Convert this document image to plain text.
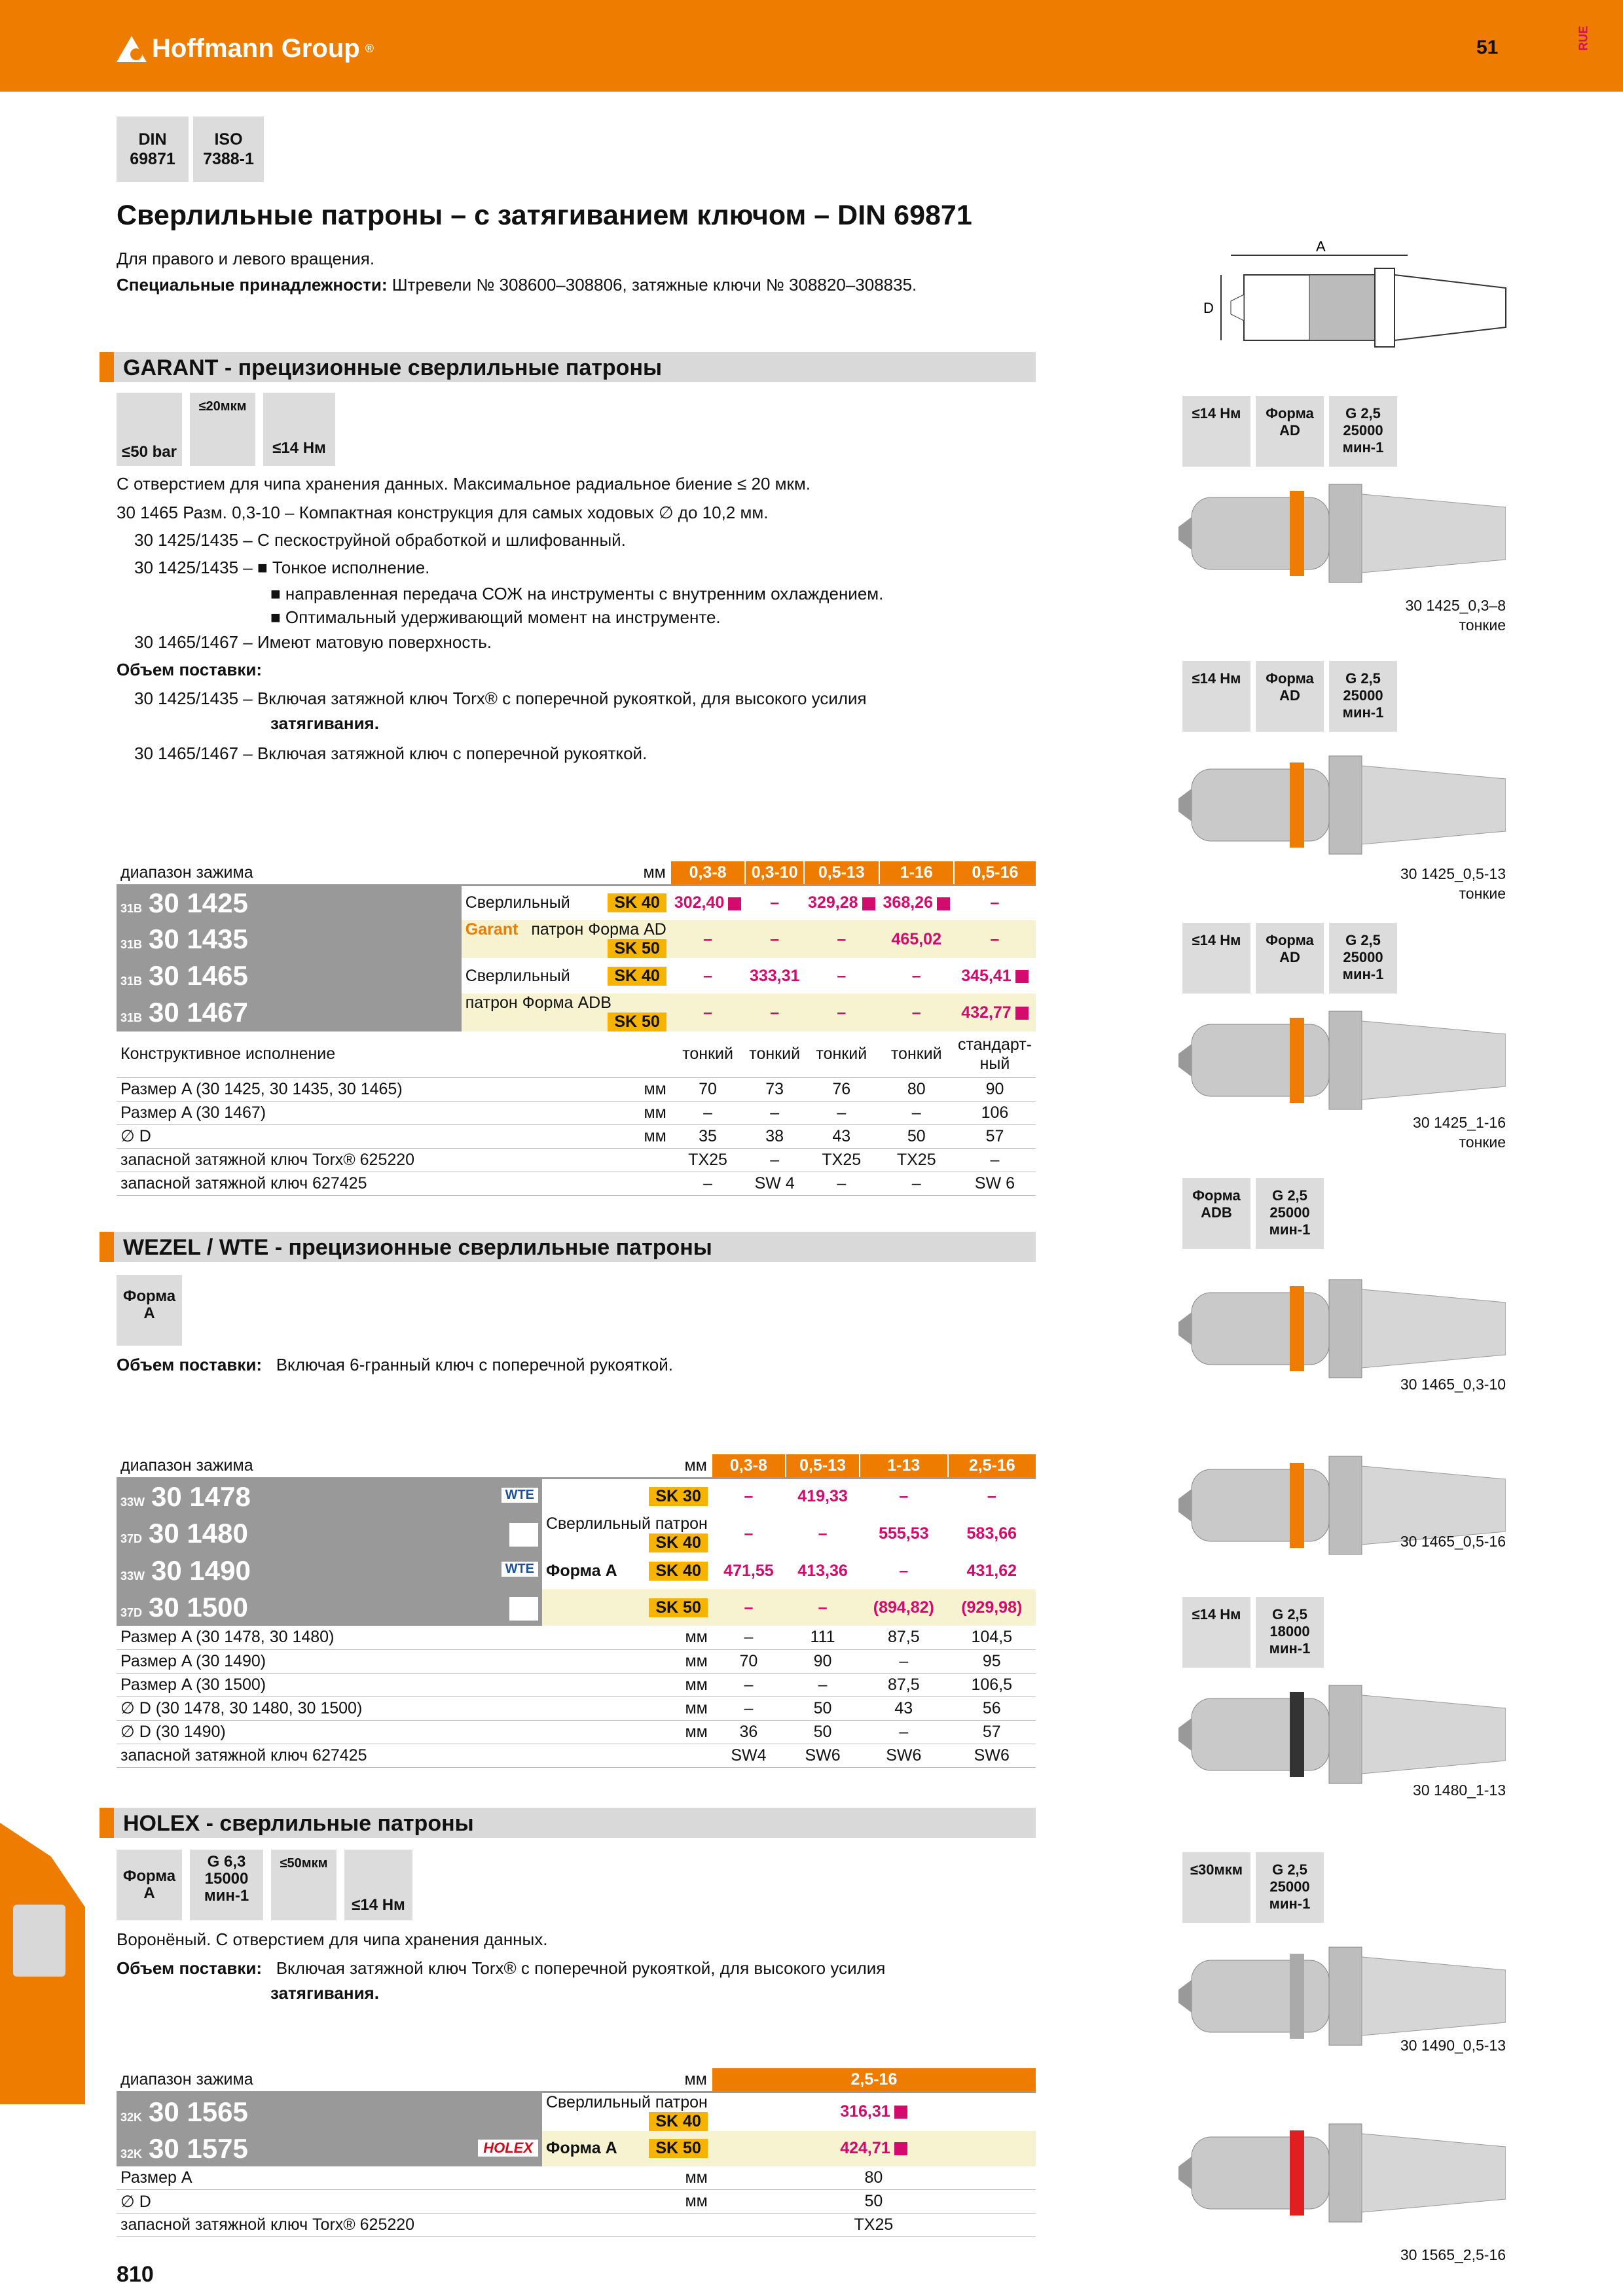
Hoffmann Group ®	51	RUE
DIN 69871
ISO 7388-1
Сверлильные патроны – с затягиванием ключом – DIN 69871
Для правого и левого вращения.
Специальные принадлежности: Штревели № 308600–308806, затяжные ключи № 308820–308835.
A
D
GARANT - прецизионные сверлильные патроны
≤50 bar
≤20мкм
≤14 Нм
С отверстием для чипа хранения данных. Максимальное радиальное биение ≤ 20 мкм.
30 1465 Разм. 0,3-10 – Компактная конструкция для самых ходовых ∅ до 10,2 мм.
30 1425/1435 – С пескоструйной обработкой и шлифованный.
30 1425/1435 – ■ Тонкое исполнение.
■ направленная передача СОЖ на инструменты с внутренним охлаждением.
■ Оптимальный удерживающий момент на инструменте.
30 1465/1467 – Имеют матовую поверхность.
Объем поставки:
30 1425/1435 – Включая затяжной ключ Torx® с поперечной рукояткой, для высокого усилия
затягивания.
30 1465/1467 – Включая затяжной ключ с поперечной рукояткой.
диапазон зажима	мм	0,3-8	0,3-10	0,5-13	1-16	0,5-16
31B 30 1425	Сверлильный SK 40	302,40	–	329,28	368,26	–
31B 30 1435	Garant патрон Форма AD
SK 50	–	–	–	465,02	–
31B 30 1465	Сверлильный SK 40	–	333,31	–	–	345,41
31B 30 1467	патрон Форма ADB
SK 50	–	–	–	–	432,77
Конструктивное исполнение		тонкий	тонкий	тонкий	тонкий	стандарт-ный
Размер A (30 1425, 30 1435, 30 1465)	мм	70	73	76	80	90
Размер A (30 1467)	мм	–	–	–	–	106
∅ D	мм	35	38	43	50	57
запасной затяжной ключ Torx® 625220		TX25	–	TX25	TX25	–
запасной затяжной ключ 627425		–	SW 4	–	–	SW 6
WEZEL / WTE - прецизионные сверлильные патроны
Форма A
Объем поставки: Включая 6-гранный ключ с поперечной рукояткой.
диапазон зажима	мм	0,3-8	0,5-13	1-13	2,5-16
33W 30 1478 WTE	SK 30	–	419,33	–	–
37D 30 1480	Сверлильный патрон
SK 40	–	–	555,53	583,66
33W 30 1490 WTE	Форма A SK 40	471,55	413,36	–	431,62
37D 30 1500	SK 50	–	–	(894,82)	(929,98)
Размер A (30 1478, 30 1480)	мм	–	111	87,5	104,5
Размер A (30 1490)	мм	70	90	–	95
Размер A (30 1500)	мм	–	–	87,5	106,5
∅ D (30 1478, 30 1480, 30 1500)	мм	–	50	43	56
∅ D (30 1490)	мм	36	50	–	57
запасной затяжной ключ 627425		SW4	SW6	SW6	SW6
HOLEX - сверлильные патроны
Форма A
G 6,3 15000 мин-1
≤50мкм
≤14 Нм
Воронёный. С отверстием для чипа хранения данных.
Объем поставки: Включая затяжной ключ Torx® с поперечной рукояткой, для высокого усилия
затягивания.
диапазон зажима	мм	2,5-16
32K 30 1565	Сверлильный патрон
SK 40	316,31
32K 30 1575 HOLEX	Форма A SK 50	424,71
Размер A	мм	80
∅ D	мм	50
запасной затяжной ключ Torx® 625220		TX25
810
≤14 Нм	Форма AD
G 2,5 25000 мин-1
30 1425_0,3–8
тонкие
≤14 Нм	Форма AD
G 2,5 25000 мин-1
30 1425_0,5-13
тонкие
≤14 Нм	Форма AD
G 2,5 25000 мин-1
30 1425_1-16
тонкие
Форма ADB
G 2,5 25000 мин-1
30 1465_0,3-10
30 1465_0,5-16
≤14 Нм	G 2,5 18000 мин-1
30 1480_1-13
≤30мкм	G 2,5 25000 мин-1
30 1490_0,5-13
30 1565_2,5-16
